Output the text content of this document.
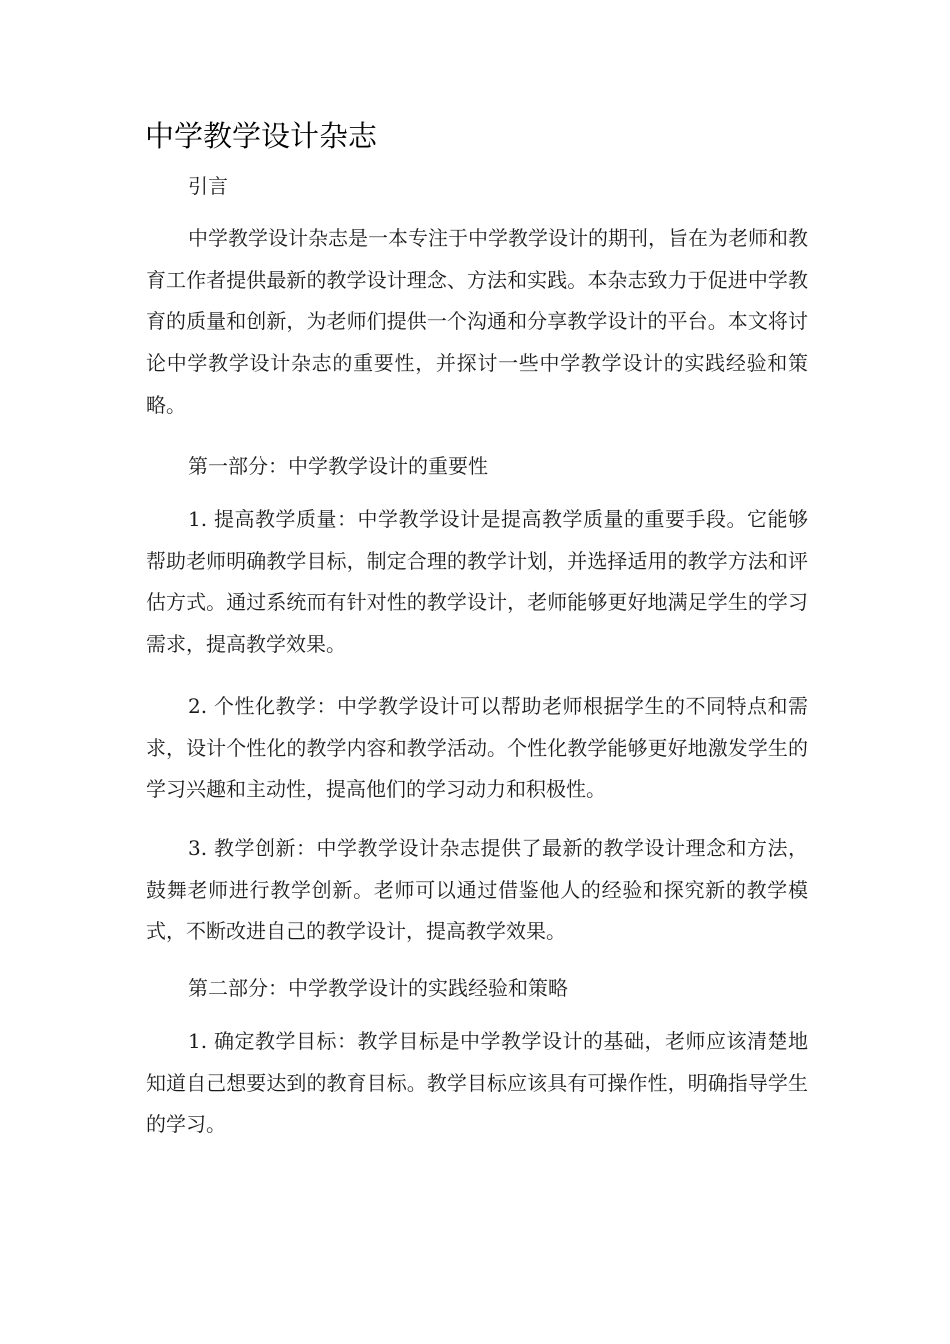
中学教学设计杂志

引言

中学教学设计杂志是一本专注于中学教学设计的期刊，旨在为老师和教育工作者提供最新的教学设计理念、方法和实践。本杂志致力于促进中学教育的质量和创新，为老师们提供一个沟通和分享教学设计的平台。本文将讨论中学教学设计杂志的重要性，并探讨一些中学教学设计的实践经验和策略。

第一部分：中学教学设计的重要性

1. 提高教学质量：中学教学设计是提高教学质量的重要手段。它能够帮助老师明确教学目标，制定合理的教学计划，并选择适用的教学方法和评估方式。通过系统而有针对性的教学设计，老师能够更好地满足学生的学习需求，提高教学效果。

2. 个性化教学：中学教学设计可以帮助老师根据学生的不同特点和需求，设计个性化的教学内容和教学活动。个性化教学能够更好地激发学生的学习兴趣和主动性，提高他们的学习动力和积极性。

3. 教学创新：中学教学设计杂志提供了最新的教学设计理念和方法，鼓舞老师进行教学创新。老师可以通过借鉴他人的经验和探究新的教学模式，不断改进自己的教学设计，提高教学效果。

第二部分：中学教学设计的实践经验和策略

1. 确定教学目标：教学目标是中学教学设计的基础，老师应该清楚地知道自己想要达到的教育目标。教学目标应该具有可操作性，明确指导学生的学习。
